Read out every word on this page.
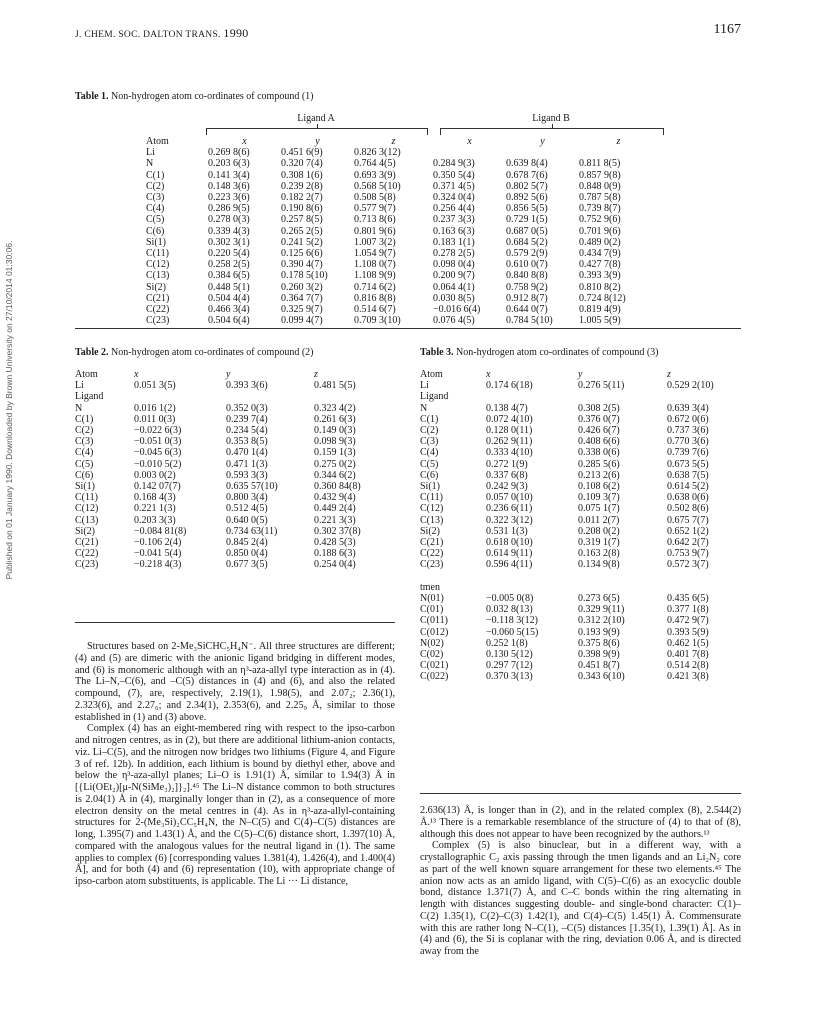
Published on 01 January 1990. Downloaded by Brown University on 27/10/2014 01:30:06.
J. CHEM. SOC. DALTON TRANS. 1990	1167
Table 1. Non-hydrogen atom co-ordinates of compound (1)
Ligand A	Ligand B
Atom	x	y	z	x	y	z
Li	0.269 8(6)	0.451 6(9)	0.826 3(12)			
N	0.203 6(3)	0.320 7(4)	0.764 4(5)	0.284 9(3)	0.639 8(4)	0.811 8(5)
C(1)	0.141 3(4)	0.308 1(6)	0.693 3(9)	0.350 5(4)	0.678 7(6)	0.857 9(8)
C(2)	0.148 3(6)	0.239 2(8)	0.568 5(10)	0.371 4(5)	0.802 5(7)	0.848 0(9)
C(3)	0.223 3(6)	0.182 2(7)	0.508 5(8)	0.324 0(4)	0.892 5(6)	0.787 5(8)
C(4)	0.286 9(5)	0.190 8(6)	0.577 9(7)	0.256 4(4)	0.856 5(5)	0.739 8(7)
C(5)	0.278 0(3)	0.257 8(5)	0.713 8(6)	0.237 3(3)	0.729 1(5)	0.752 9(6)
C(6)	0.339 4(3)	0.265 2(5)	0.801 9(6)	0.163 6(3)	0.687 0(5)	0.701 9(6)
Si(1)	0.302 3(1)	0.241 5(2)	1.007 3(2)	0.183 1(1)	0.684 5(2)	0.489 0(2)
C(11)	0.220 5(4)	0.125 6(6)	1.054 9(7)	0.278 2(5)	0.579 2(9)	0.434 7(9)
C(12)	0.258 2(5)	0.390 4(7)	1.108 0(7)	0.098 0(4)	0.610 0(7)	0.427 7(8)
C(13)	0.384 6(5)	0.178 5(10)	1.108 9(9)	0.200 9(7)	0.840 8(8)	0.393 3(9)
Si(2)	0.448 5(1)	0.260 3(2)	0.714 6(2)	0.064 4(1)	0.758 9(2)	0.810 8(2)
C(21)	0.504 4(4)	0.364 7(7)	0.816 8(8)	0.030 8(5)	0.912 8(7)	0.724 8(12)
C(22)	0.466 3(4)	0.325 9(7)	0.514 6(7)	−0.016 6(4)	0.644 0(7)	0.819 4(9)
C(23)	0.504 6(4)	0.099 4(7)	0.709 3(10)	0.076 4(5)	0.784 5(10)	1.005 5(9)
Table 2. Non-hydrogen atom co-ordinates of compound (2)
Atom	x	y	z
Li	0.051 3(5)	0.393 3(6)	0.481 5(5)
Ligand			
N	0.016 1(2)	0.352 0(3)	0.323 4(2)
C(1)	0.011 0(3)	0.239 7(4)	0.261 6(3)
C(2)	−0.022 6(3)	0.234 5(4)	0.149 0(3)
C(3)	−0.051 0(3)	0.353 8(5)	0.098 9(3)
C(4)	−0.045 6(3)	0.470 1(4)	0.159 1(3)
C(5)	−0.010 5(2)	0.471 1(3)	0.275 0(2)
C(6)	0.003 0(2)	0.593 3(3)	0.344 6(2)
Si(1)	0.142 07(7)	0.635 57(10)	0.360 84(8)
C(11)	0.168 4(3)	0.800 3(4)	0.432 9(4)
C(12)	0.221 1(3)	0.512 4(5)	0.449 2(4)
C(13)	0.203 3(3)	0.640 0(5)	0.221 3(3)
Si(2)	−0.084 81(8)	0.734 63(11)	0.302 37(8)
C(21)	−0.106 2(4)	0.845 2(4)	0.428 5(3)
C(22)	−0.041 5(4)	0.850 0(4)	0.188 6(3)
C(23)	−0.218 4(3)	0.677 3(5)	0.254 0(4)
Table 3. Non-hydrogen atom co-ordinates of compound (3)
Atom	x	y	z
Li	0.174 6(18)	0.276 5(11)	0.529 2(10)
Ligand			
N	0.138 4(7)	0.308 2(5)	0.639 3(4)
C(1)	0.072 4(10)	0.376 0(7)	0.672 0(6)
C(2)	0.128 0(11)	0.426 6(7)	0.737 3(6)
C(3)	0.262 9(11)	0.408 6(6)	0.770 3(6)
C(4)	0.333 4(10)	0.338 0(6)	0.739 7(6)
C(5)	0.272 1(9)	0.285 5(6)	0.673 5(5)
C(6)	0.337 6(8)	0.213 2(6)	0.638 7(5)
Si(1)	0.242 9(3)	0.108 6(2)	0.614 5(2)
C(11)	0.057 0(10)	0.109 3(7)	0.638 0(6)
C(12)	0.236 6(11)	0.075 1(7)	0.502 8(6)
C(13)	0.322 3(12)	0.011 2(7)	0.675 7(7)
Si(2)	0.531 1(3)	0.208 0(2)	0.652 1(2)
C(21)	0.618 0(10)	0.319 1(7)	0.642 2(7)
C(22)	0.614 9(11)	0.163 2(8)	0.753 9(7)
C(23)	0.596 4(11)	0.134 9(8)	0.572 3(7)

tmen			
N(01)	−0.005 0(8)	0.273 6(5)	0.435 6(5)
C(01)	0.032 8(13)	0.329 9(11)	0.377 1(8)
C(011)	−0.118 3(12)	0.312 2(10)	0.472 9(7)
C(012)	−0.060 5(15)	0.193 9(9)	0.393 5(9)
N(02)	0.252 1(8)	0.375 8(6)	0.462 1(5)
C(02)	0.130 5(12)	0.398 9(9)	0.401 7(8)
C(021)	0.297 7(12)	0.451 8(7)	0.514 2(8)
C(022)	0.370 3(13)	0.343 6(10)	0.421 3(8)

Structures based on 2-Me₃SiCHC₅H₄N⁻. All three structures are different; (4) and (5) are dimeric with the anionic ligand bridging in different modes, and (6) is monomeric although with an η³-aza-allyl type interaction as in (4). The Li–N,–C(6), and –C(5) distances in (4) and (6), and also the related compound, (7), are, respectively, 2.19(1), 1.98(5), and 2.07₂; 2.36(1), 2.323(6), and 2.27₆; and 2.34(1), 2.353(6), and 2.25₉ Å, similar to those established in (1) and (3) above.

Complex (4) has an eight-membered ring with respect to the ipso-carbon and nitrogen centres, as in (2), but there are additional lithium-anion contacts, viz. Li–C(5), and the nitrogen now bridges two lithiums (Figure 4, and Figure 3 of ref. 12b). In addition, each lithium is bound by diethyl ether, above and below the η³-aza-allyl planes; Li–O is 1.91(1) Å, similar to 1.94(3) Å in [{Li(OEt₂)[μ-N(SiMe₃)₂]}₂].⁴⁵ The Li–N distance common to both structures is 2.04(1) Å in (4), marginally longer than in (2), as a consequence of more electron density on the metal centres in (4). As in η³-aza-allyl-containing structures for 2-(Me₃Si)₂CC₅H₄N, the N–C(5) and C(4)–C(5) distances are long, 1.395(7) and 1.43(1) Å, and the C(5)–C(6) distance short, 1.397(10) Å, compared with the analogous values for the neutral ligand in (1). The same applies to complex (6) [corresponding values 1.381(4), 1.426(4), and 1.400(4) Å], and for both (4) and (6) representation (10), with appropriate change of ipso-carbon atom substituents, is applicable. The Li ··· Li distance,

2.636(13) Å, is longer than in (2), and in the related complex (8), 2.544(2) Å.¹³ There is a remarkable resemblance of the structure of (4) to that of (8), although this does not appear to have been recognized by the authors.¹³

Complex (5) is also binuclear, but in a different way, with a crystallographic C₂ axis passing through the tmen ligands and an Li₂N₂ core as part of the well known square arrangement for these two elements.⁴⁵ The anion now acts as an amido ligand, with C(5)–C(6) as an exocyclic double bond, distance 1.371(7) Å, and C–C bonds within the ring alternating in length with distances suggesting double- and single-bond character: C(1)–C(2) 1.35(1), C(2)–C(3) 1.42(1), and C(4)–C(5) 1.45(1) Å. Commensurate with this are rather long N–C(1), –C(5) distances [1.35(1), 1.39(1) Å]. As in (4) and (6), the Si is coplanar with the ring, deviation 0.06 Å, and is directed away from the
